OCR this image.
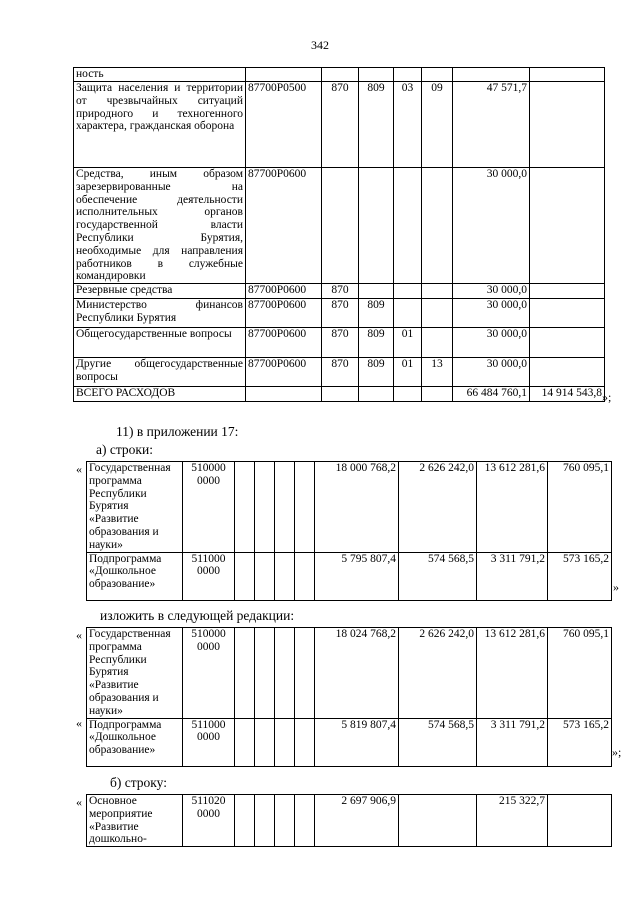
342
ность							
Защита населения и территории от чрезвычайных ситуаций природного и техногенного характера, гражданская оборона	87700Р0500	870	809	03	09	47 571,7	
Средства, иным образом зарезервированные на обеспечение деятельности исполнительных органов государственной власти Республики Бурятия, необходимые для направления работников в служебные командировки	87700Р0600					30 000,0	
Резервные средства	87700Р0600	870				30 000,0	
Министерство финансов Республики Бурятия	87700Р0600	870	809			30 000,0	
Общегосударственные вопросы	87700Р0600	870	809	01		30 000,0	
Другие общегосударственные вопросы	87700Р0600	870	809	01	13	30 000,0	
ВСЕГО РАСХОДОВ						66 484 760,1	14 914 543,8 »;
11) в приложении 17:
а) строки:
« Государственная программа Республики Бурятия «Развитие образования и науки»	510000 0000					18 000 768,2	2 626 242,0	13 612 281,6	760 095,1
Подпрограмма «Дошкольное образование»	511000 0000					5 795 807,4	574 568,5	3 311 791,2	573 165,2
»
изложить в следующей редакции:
«
«
Государственная программа Республики Бурятия «Развитие образования и науки»	510000 0000					18 024 768,2	2 626 242,0	13 612 281,6	760 095,1
Подпрограмма «Дошкольное образование»	511000 0000					5 819 807,4	574 568,5	3 311 791,2	573 165,2
»;
б) строку:
« Основное мероприятие «Развитие дошкольно-	511020 0000					2 697 906,9		215 322,7	
